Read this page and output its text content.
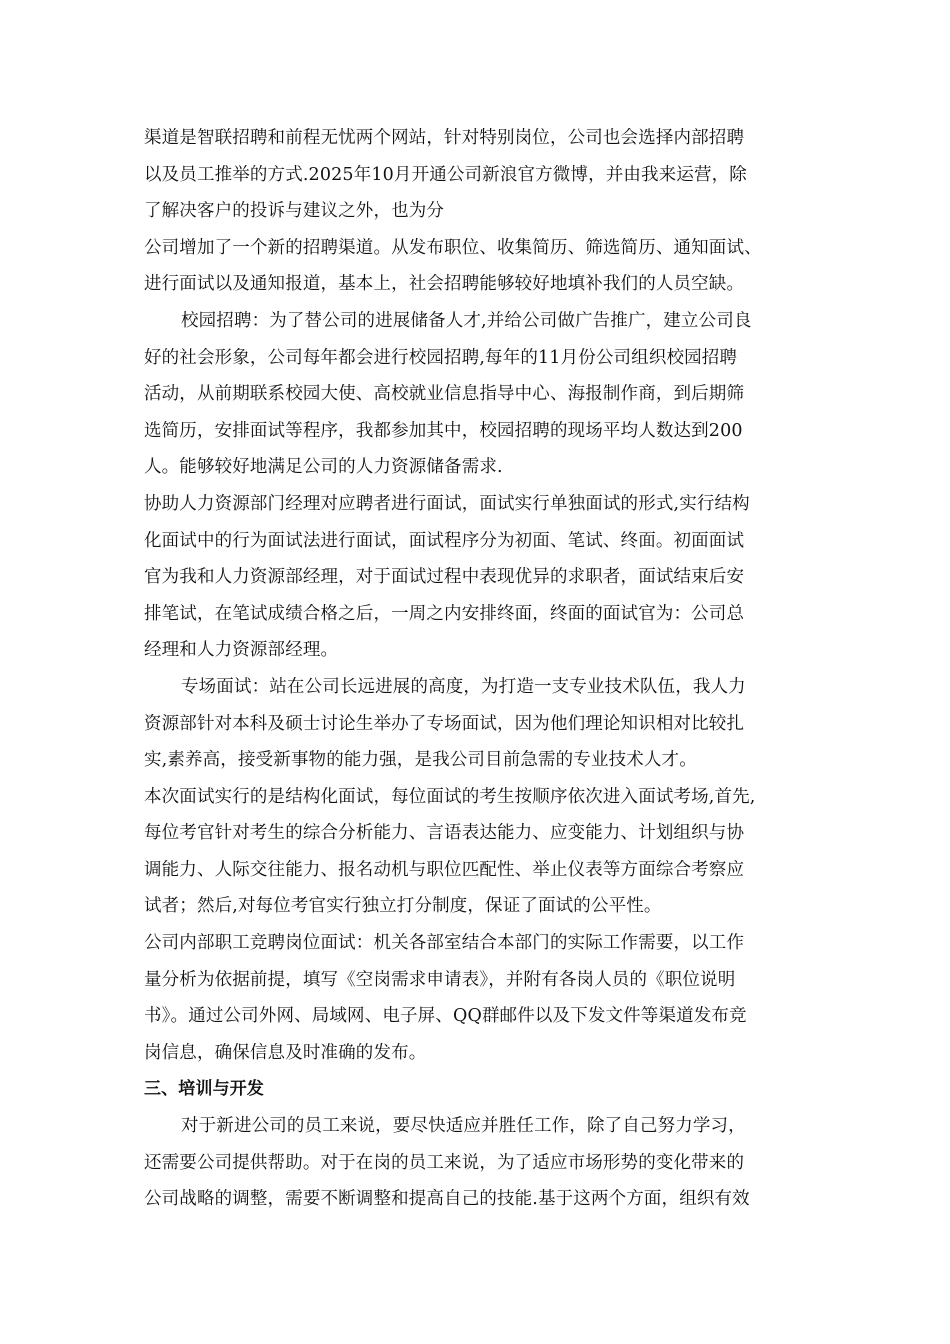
渠道是智联招聘和前程无忧两个网站，针对特别岗位，公司也会选择内部招聘
以及员工推举的方式.2025年10月开通公司新浪官方微博，并由我来运营，除
了解决客户的投诉与建议之外，也为分
公司增加了一个新的招聘渠道。从发布职位、收集简历、筛选简历、通知面试、
进行面试以及通知报道，基本上，社会招聘能够较好地填补我们的人员空缺。
校园招聘：为了替公司的进展储备人才,并给公司做广告推广，建立公司良
好的社会形象，公司每年都会进行校园招聘,每年的11月份公司组织校园招聘
活动，从前期联系校园大使、高校就业信息指导中心、海报制作商，到后期筛
选简历，安排面试等程序，我都参加其中，校园招聘的现场平均人数达到200
人。能够较好地满足公司的人力资源储备需求.
协助人力资源部门经理对应聘者进行面试，面试实行单独面试的形式,实行结构
化面试中的行为面试法进行面试，面试程序分为初面、笔试、终面。初面面试
官为我和人力资源部经理，对于面试过程中表现优异的求职者，面试结束后安
排笔试，在笔试成绩合格之后，一周之内安排终面，终面的面试官为：公司总
经理和人力资源部经理。
专场面试：站在公司长远进展的高度，为打造一支专业技术队伍，我人力
资源部针对本科及硕士讨论生举办了专场面试，因为他们理论知识相对比较扎
实,素养高，接受新事物的能力强，是我公司目前急需的专业技术人才。
本次面试实行的是结构化面试，每位面试的考生按顺序依次进入面试考场,首先,
每位考官针对考生的综合分析能力、言语表达能力、应变能力、计划组织与协
调能力、人际交往能力、报名动机与职位匹配性、举止仪表等方面综合考察应
试者；然后,对每位考官实行独立打分制度，保证了面试的公平性。
公司内部职工竞聘岗位面试：机关各部室结合本部门的实际工作需要，以工作
量分析为依据前提，填写《空岗需求申请表》，并附有各岗人员的《职位说明
书》。通过公司外网、局域网、电子屏、QQ群邮件以及下发文件等渠道发布竞
岗信息，确保信息及时准确的发布。
三、培训与开发
对于新进公司的员工来说，要尽快适应并胜任工作，除了自己努力学习，
还需要公司提供帮助。对于在岗的员工来说，为了适应市场形势的变化带来的
公司战略的调整，需要不断调整和提高自己的技能.基于这两个方面，组织有效
